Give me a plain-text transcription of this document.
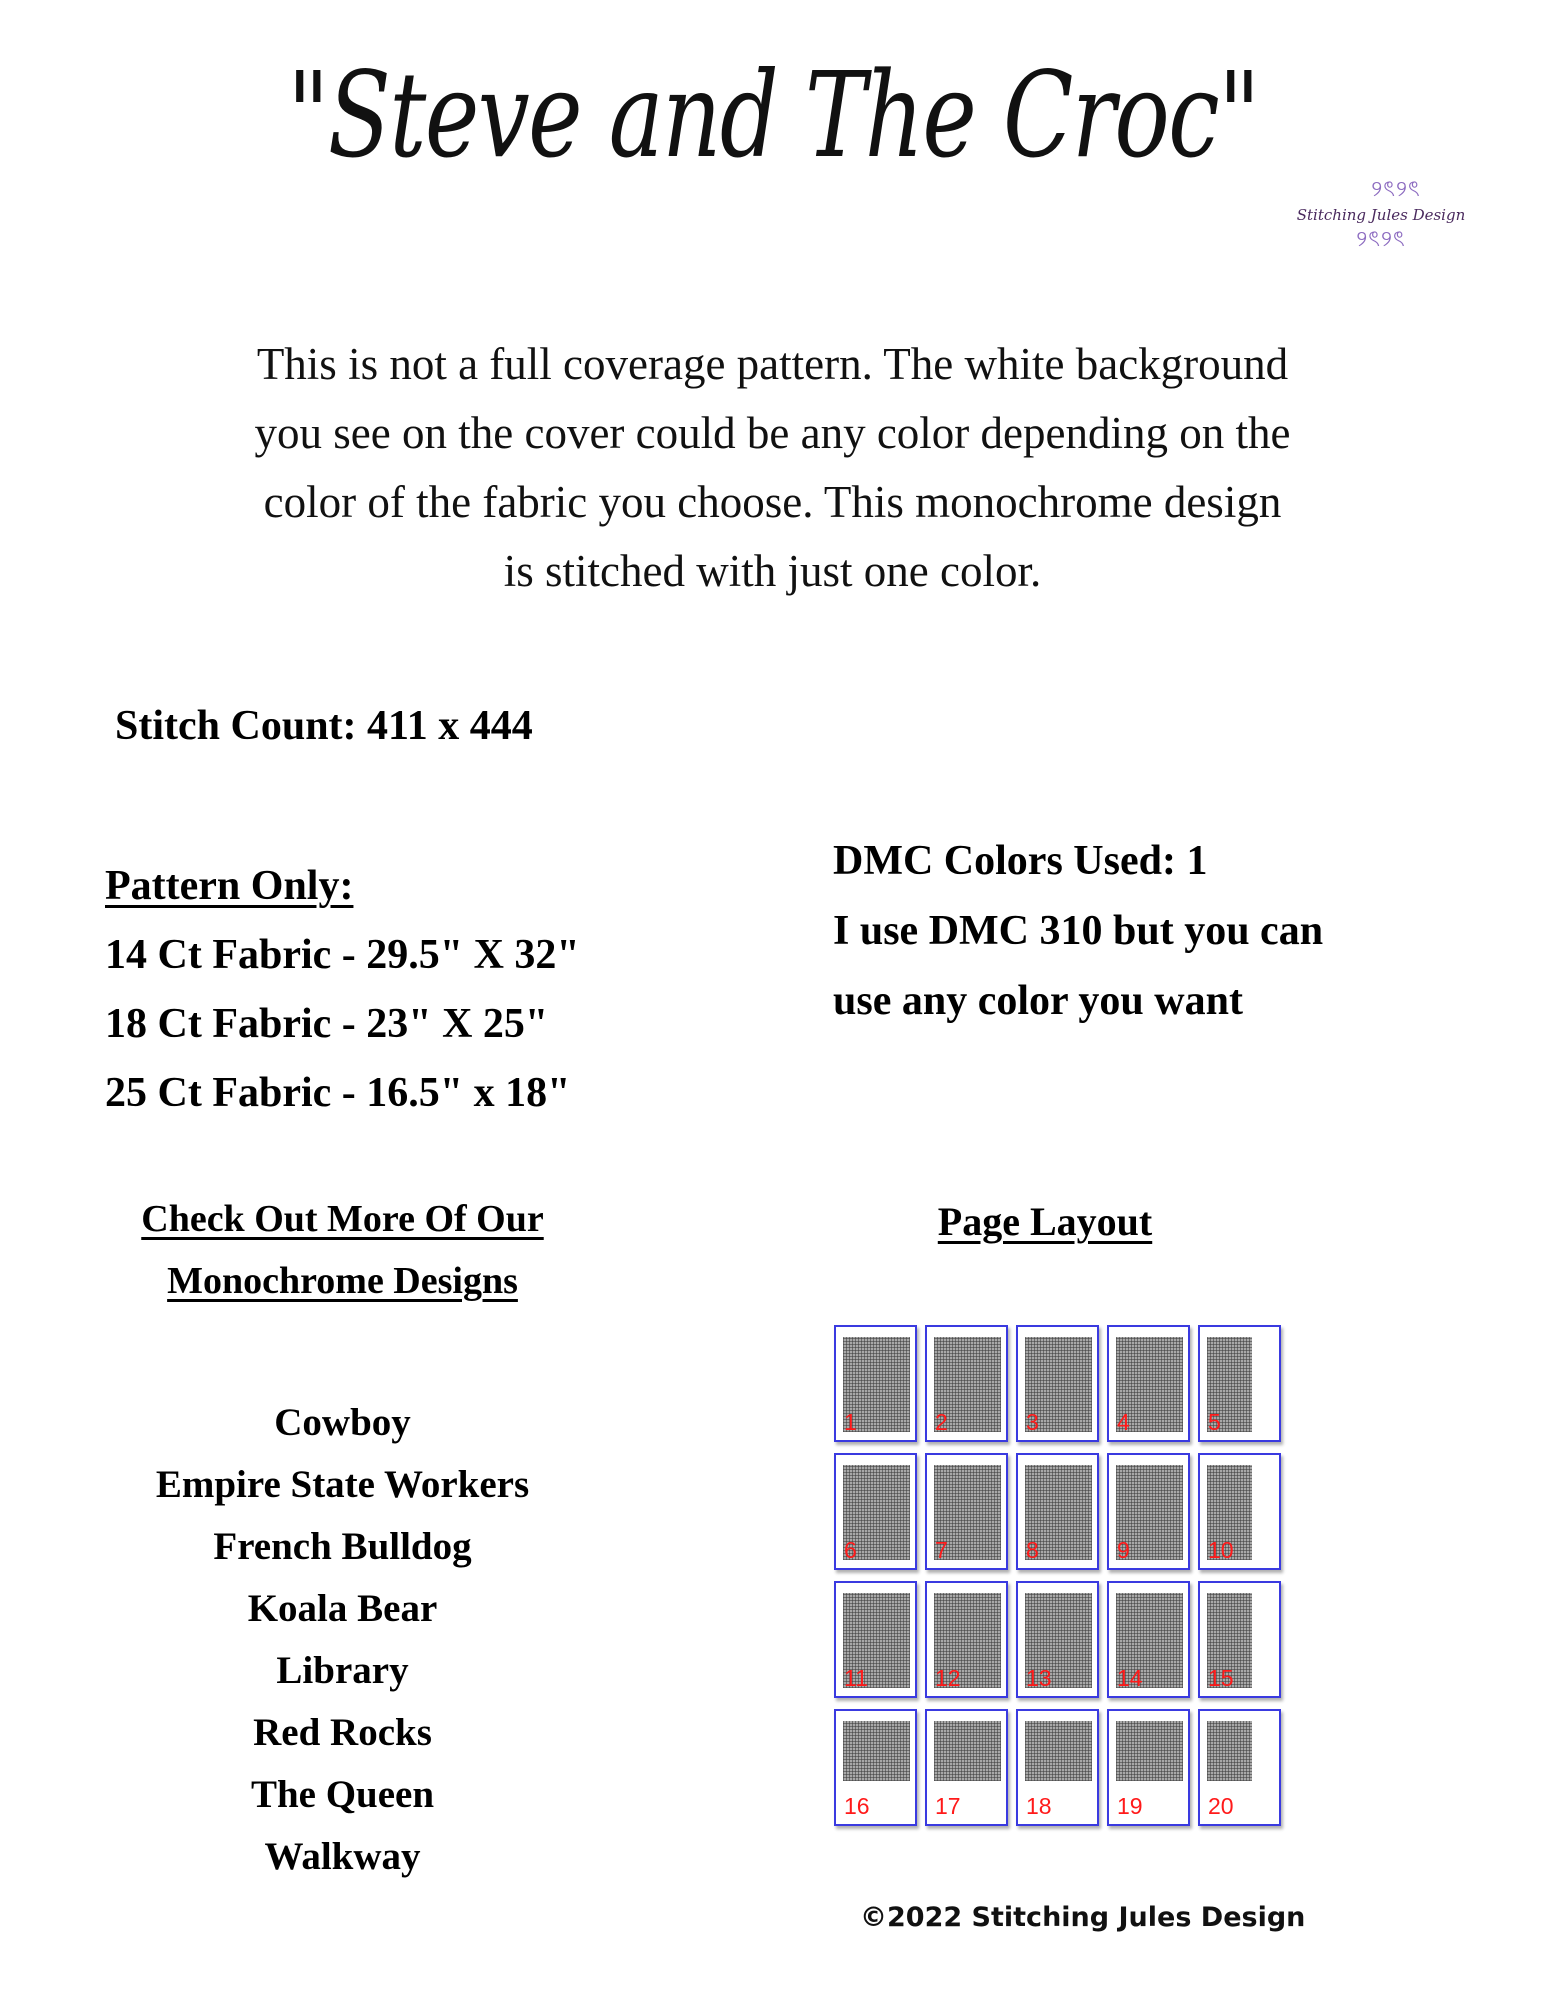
"Steve and The Croc"
୨ৎ୨ৎ
Stitching Jules Design
୨ৎ୨ৎ
This is not a full coverage pattern. The white background
you see on the cover could be any color depending on the
color of the fabric you choose. This monochrome design
is stitched with just one color.
Stitch Count: 411 x 444
Pattern Only:
14 Ct Fabric - 29.5" X 32"
18 Ct Fabric - 23" X 25"
25 Ct Fabric - 16.5" x 18"
DMC Colors Used: 1
I use DMC 310 but you can
use any color you want
Check Out More Of Our
Monochrome Designs
Cowboy
Empire State Workers
French Bulldog
Koala Bear
Library
Red Rocks
The Queen
Walkway
Page Layout
1	2	3	4	5
6	7	8	9	10
11	12	13	14	15
16	17	18	19	20
©2022 Stitching Jules Design
